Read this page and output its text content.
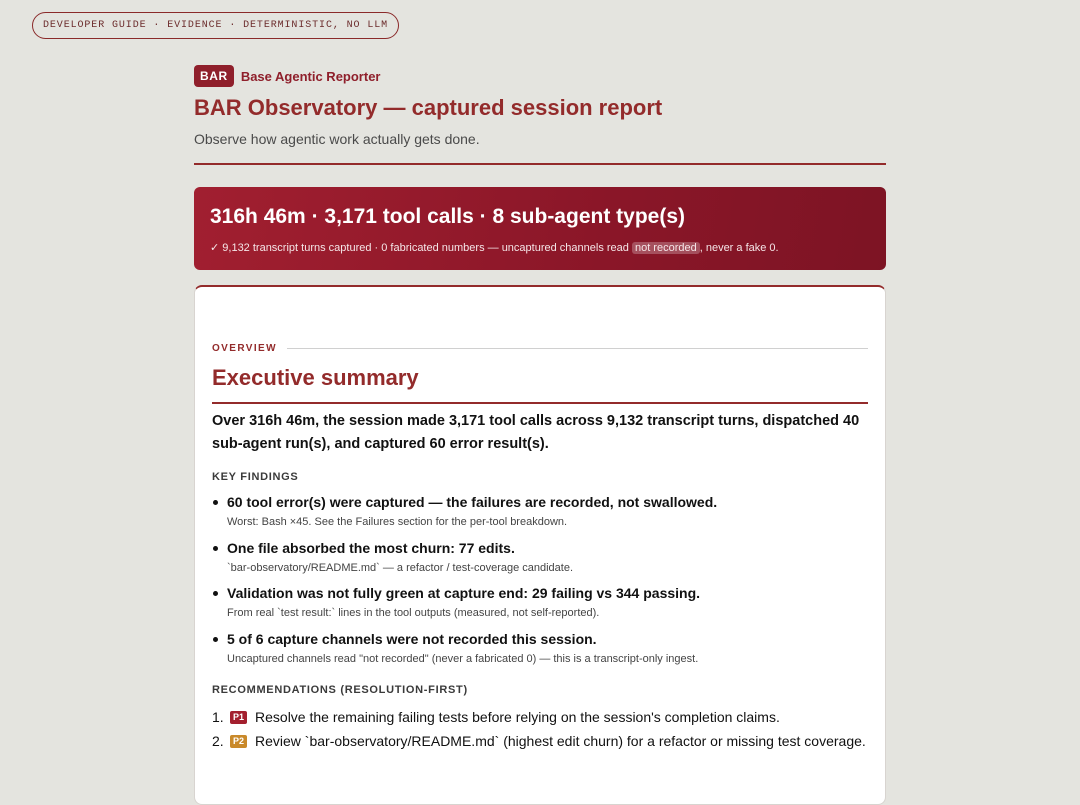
DEVELOPER GUIDE · EVIDENCE · DETERMINISTIC, NO LLM
BAR	Base Agentic Reporter
BAR Observatory — captured session report

Observe how agentic work actually gets done.

316h 46m · 3,171 tool calls · 8 sub-agent type(s)
✓ 9,132 transcript turns captured · 0 fabricated numbers — uncaptured channels read not recorded , never a fake 0.
OVERVIEW
Executive summary

Over 316h 46m, the session made 3,171 tool calls across 9,132 transcript turns, dispatched 40 sub-agent run(s), and captured 60 error result(s).

KEY FINDINGS
60 tool error(s) were captured — the failures are recorded, not swallowed.
Worst: Bash ×45. See the Failures section for the per-tool breakdown.
One file absorbed the most churn: 77 edits.
`bar-observatory/README.md` — a refactor / test-coverage candidate.
Validation was not fully green at capture end: 29 failing vs 344 passing.
From real `test result:` lines in the tool outputs (measured, not self-reported).
5 of 6 capture channels were not recorded this session.
Uncaptured channels read "not recorded" (never a fabricated 0) — this is a transcript-only ingest.
RECOMMENDATIONS (RESOLUTION-FIRST)
1.	P1 Resolve the remaining failing tests before relying on the session's completion claims.
2.	P2 Review `bar-observatory/README.md` (highest edit churn) for a refactor or missing test coverage.
